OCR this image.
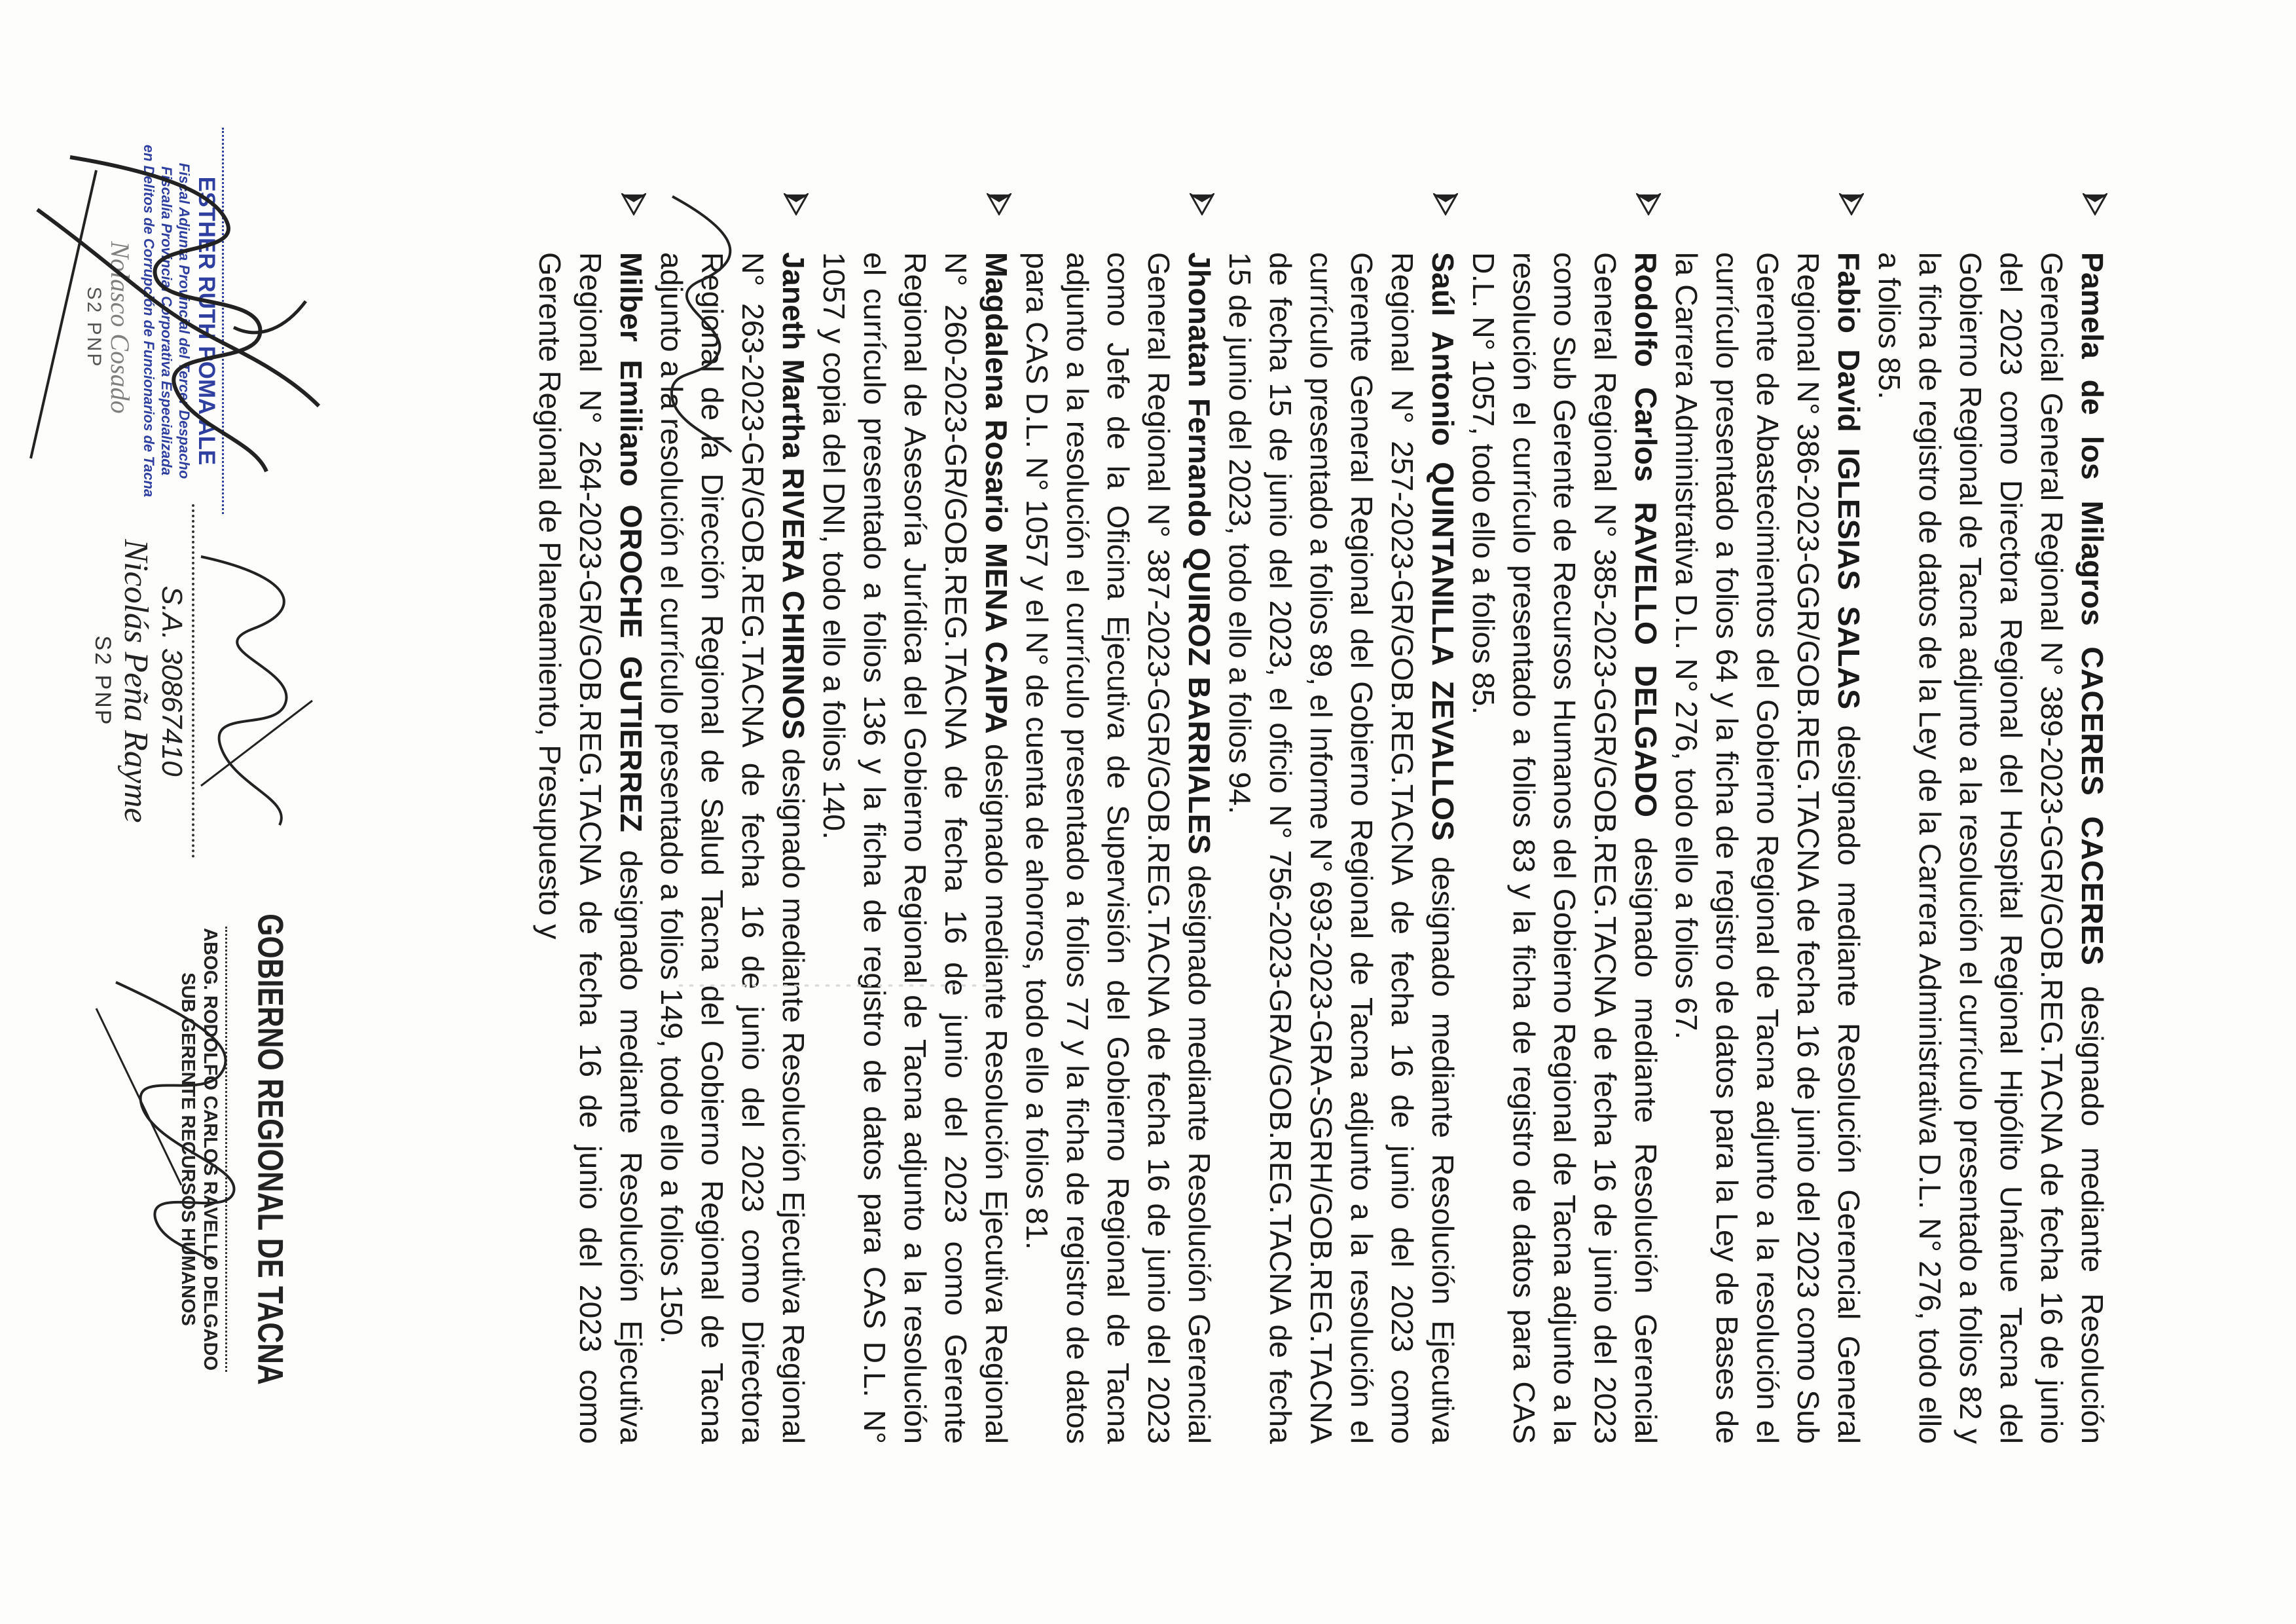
Pamela de los Milagros CACERES CACERES designado mediante Resolución Gerencial General Regional N° 389-2023-GGR/GOB.REG.TACNA de fecha 16 de junio del 2023 como Directora Regional del Hospital Regional Hipólito Unánue Tacna del Gobierno Regional de Tacna adjunto a la resolución el currículo presentado a folios 82 y la ficha de registro de datos de la Ley de la Carrera Administrativa D.L. N° 276, todo ello a folios 85.
Fabio David IGLESIAS SALAS designado mediante Resolución Gerencial General Regional N° 386-2023-GGR/GOB.REG.TACNA de fecha 16 de junio del 2023 como Sub Gerente de Abastecimientos del Gobierno Regional de Tacna adjunto a la resolución el currículo presentado a folios 64 y la ficha de registro de datos para la Ley de Bases de la Carrera Administrativa D.L. N° 276, todo ello a folios 67.
Rodolfo Carlos RAVELLO DELGADO designado mediante Resolución Gerencial General Regional N° 385-2023-GGR/GOB.REG.TACNA de fecha 16 de junio del 2023 como Sub Gerente de Recursos Humanos del Gobierno Regional de Tacna adjunto a la resolución el currículo presentado a folios 83 y la ficha de registro de datos para CAS D.L. N° 1057, todo ello a folios 85.
Saúl Antonio QUINTANILLA ZEVALLOS designado mediante Resolución Ejecutiva Regional N° 257-2023-GR/GOB.REG.TACNA de fecha 16 de junio del 2023 como Gerente General Regional del Gobierno Regional de Tacna adjunto a la resolución el currículo presentado a folios 89, el Informe N° 693-2023-GRA-SGRH/GOB.REG.TACNA de fecha 15 de junio del 2023, el oficio N° 756-2023-GRA/GOB.REG.TACNA de fecha 15 de junio del 2023, todo ello a folios 94.
Jhonatan Fernando QUIROZ BARRIALES designado mediante Resolución Gerencial General Regional N° 387-2023-GGR/GOB.REG.TACNA de fecha 16 de junio del 2023 como Jefe de la Oficina Ejecutiva de Supervisión del Gobierno Regional de Tacna adjunto a la resolución el currículo presentado a folios 77 y la ficha de registro de datos para CAS D.L. N° 1057 y el N° de cuenta de ahorros, todo ello a folios 81.
Magdalena Rosario MENA CAIPA designado mediante Resolución Ejecutiva Regional N° 260-2023-GR/GOB.REG.TACNA de fecha 16 de junio del 2023 como Gerente Regional de Asesoría Jurídica del Gobierno Regional de Tacna adjunto a la resolución el currículo presentado a folios 136 y la ficha de registro de datos para CAS D.L. N° 1057 y copia del DNI, todo ello a folios 140.
Janeth Martha RIVERA CHIRINOS designado mediante Resolución Ejecutiva Regional N° 263-2023-GR/GOB.REG.TACNA de fecha 16 de junio del 2023 como Directora Regional de la Dirección Regional de Salud Tacna del Gobierno Regional de Tacna adjunto a la resolución el currículo presentado a folios 149, todo ello a folios 150.
Milber Emiliano OROCHE GUTIERREZ designado mediante Resolución Ejecutiva Regional N° 264-2023-GR/GOB.REG.TACNA de fecha 16 de junio del 2023 como Gerente Regional de Planeamiento, Presupuesto y
GOBIERNO REGIONAL DE TACNA
ABOG. RODOLFO CARLOS RAVELLO DELGADO
SUB GERENTE RECURSOS HUMANOS
S.A. 30867410
Nicolás Peña Rayme
S2 PNP
ESTHER RUTH POMA ALE
Fiscal Adjunta Provincial del Tercer Despacho
Fiscalía Provincial Corporativa Especializada
en Delitos de Corrupción de Funcionarios de Tacna
Nolasco Cosado
S2 PNP
